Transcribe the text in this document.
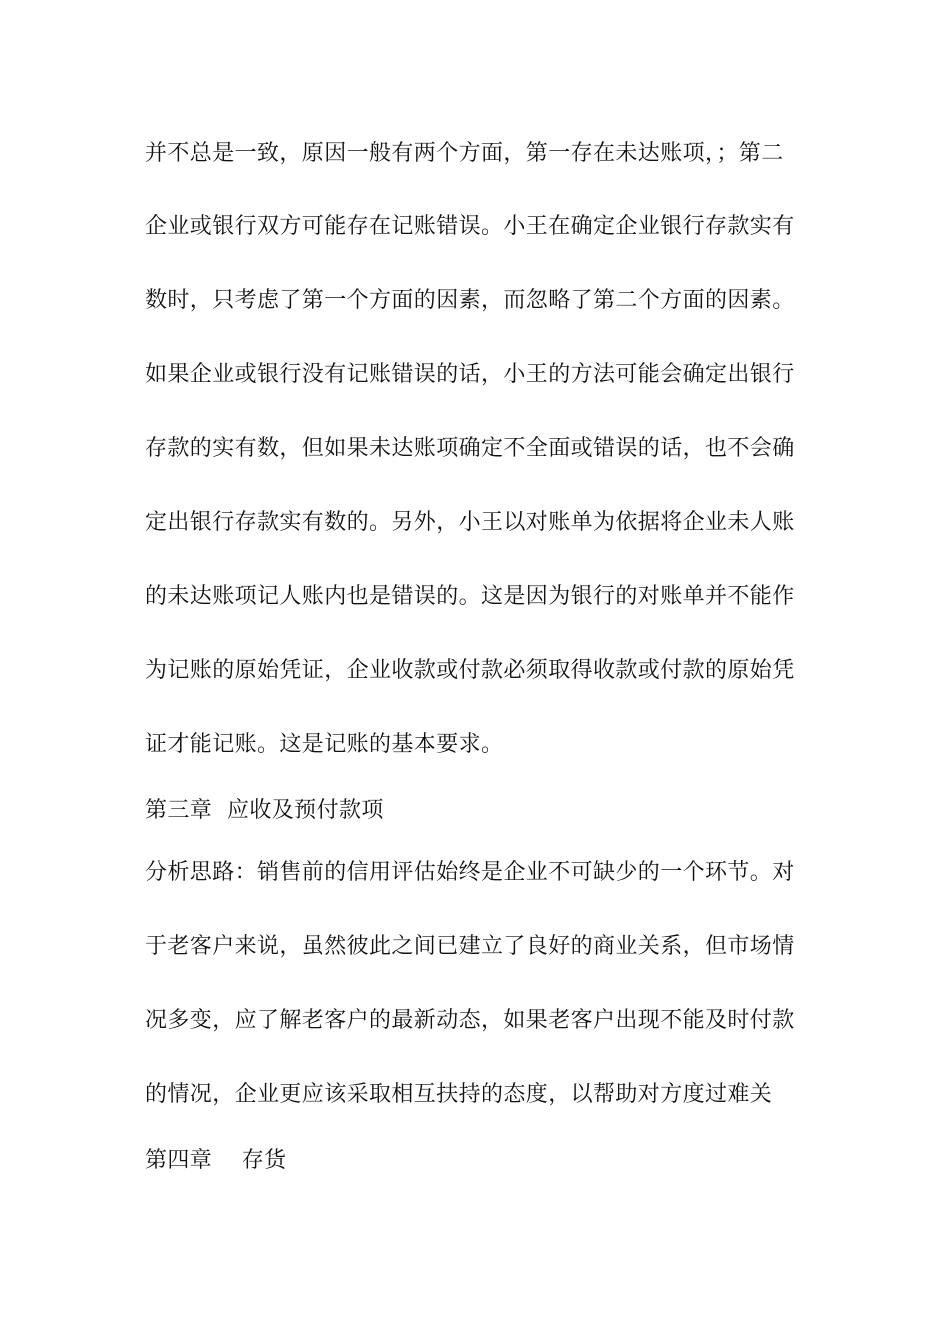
并不总是一致，原因一般有两个方面，第一存在未达账项，；第二
企业或银行双方可能存在记账错误。小王在确定企业银行存款实有
数时，只考虑了第一个方面的因素，而忽略了第二个方面的因素。
如果企业或银行没有记账错误的话，小王的方法可能会确定出银行
存款的实有数，但如果未达账项确定不全面或错误的话，也不会确
定出银行存款实有数的。另外，小王以对账单为依据将企业未人账
的未达账项记人账内也是错误的。这是因为银行的对账单并不能作
为记账的原始凭证，企业收款或付款必须取得收款或付款的原始凭
证才能记账。这是记账的基本要求。
第三章  应收及预付款项
分析思路：销售前的信用评估始终是企业不可缺少的一个环节。对
于老客户来说，虽然彼此之间已建立了良好的商业关系，但市场情
况多变，应了解老客户的最新动态，如果老客户出现不能及时付款
的情况，企业更应该采取相互扶持的态度，以帮助对方度过难关
第四章    存货
